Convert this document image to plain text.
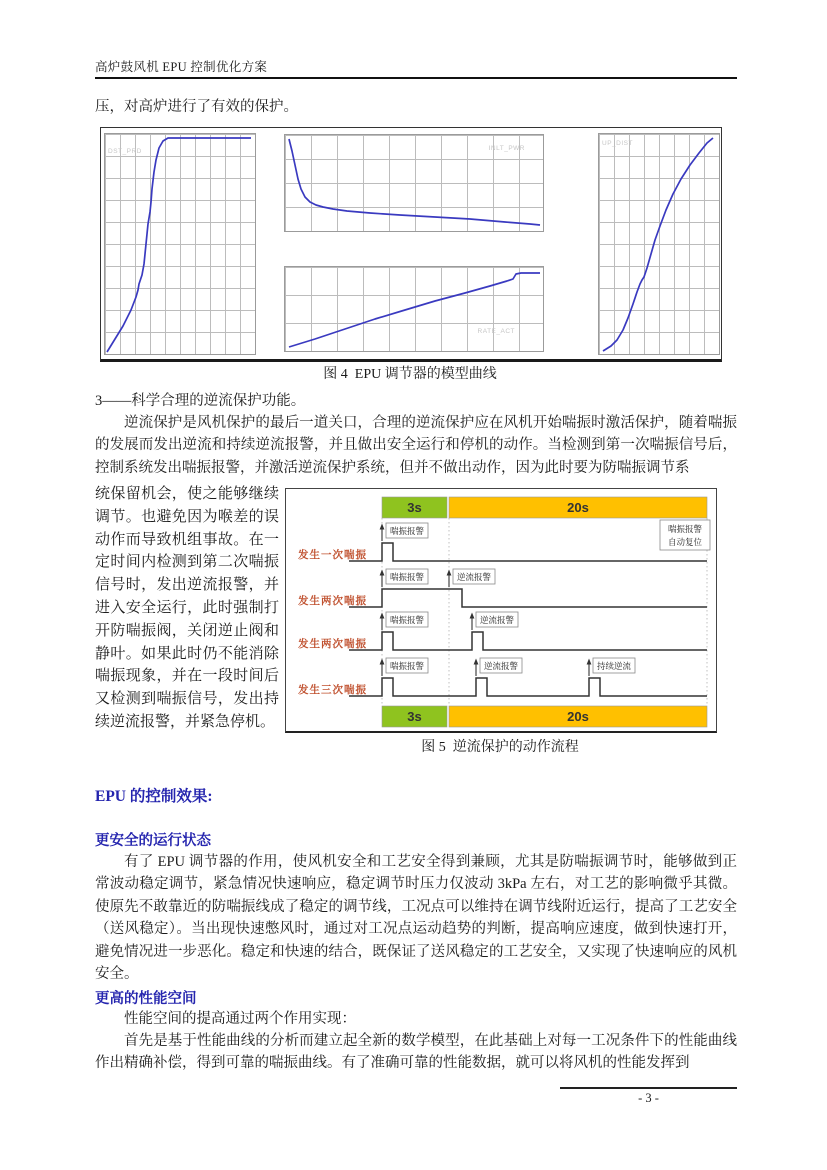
高炉鼓风机 EPU 控制优化方案
压，对高炉进行了有效的保护。
DST_PRD	INLT_PWR
RATE_ACT
UP_DIST
图 4  EPU 调节器的模型曲线
3——科学合理的逆流保护功能。
逆流保护是风机保护的最后一道关口，合理的逆流保护应在风机开始喘振时激活保护，随着喘振的发展而发出逆流和持续逆流报警，并且做出安全运行和停机的动作。当检测到第一次喘振信号后，控制系统发出喘振报警，并激活逆流保护系统，但并不做出动作，因为此时要为防喘振调节系
统保留机会，使之能够继续调节。也避免因为喉差的误动作而导致机组事故。在一定时间内检测到第二次喘振信号时，发出逆流报警，并进入安全运行，此时强制打开防喘振阀，关闭逆止阀和静叶。如果此时仍不能消除喘振现象，并在一段时间后又检测到喘振信号，发出持续逆流报警，并紧急停机。
3s	20s
发生一次喘振
喘振报警	喘振报警
自动复位
发生两次喘振
喘振报警	逆流报警
发生两次喘振
喘振报警	逆流报警
发生三次喘振
喘振报警	逆流报警	持续逆流
3s	20s
图 5  逆流保护的动作流程
EPU 的控制效果:
更安全的运行状态
有了 EPU 调节器的作用，使风机安全和工艺安全得到兼顾，尤其是防喘振调节时，能够做到正常波动稳定调节，紧急情况快速响应，稳定调节时压力仅波动 3kPa 左右，对工艺的影响微乎其微。使原先不敢靠近的防喘振线成了稳定的调节线，工况点可以维持在调节线附近运行，提高了工艺安全（送风稳定）。当出现快速憋风时，通过对工况点运动趋势的判断，提高响应速度，做到快速打开，避免情况进一步恶化。稳定和快速的结合，既保证了送风稳定的工艺安全，又实现了快速响应的风机安全。
更高的性能空间
性能空间的提高通过两个作用实现：
首先是基于性能曲线的分析而建立起全新的数学模型，在此基础上对每一工况条件下的性能曲线作出精确补偿，得到可靠的喘振曲线。有了准确可靠的性能数据，就可以将风机的性能发挥到
- 3 -
